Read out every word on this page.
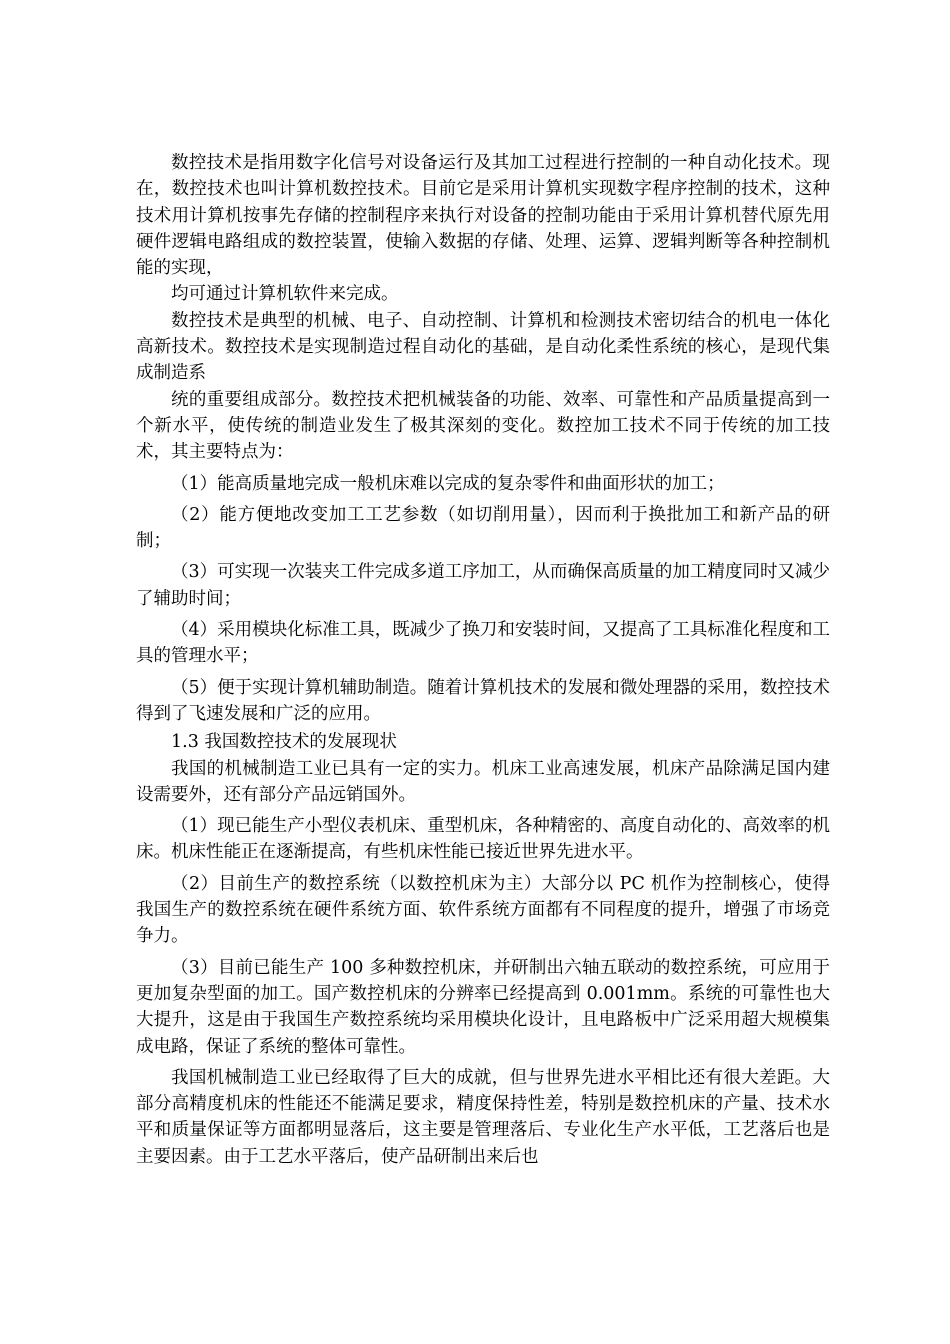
数控技术是指用数字化信号对设备运行及其加工过程进行控制的一种自动化技术。现在，数控技术也叫计算机数控技术。目前它是采用计算机实现数字程序控制的技术，这种技术用计算机按事先存储的控制程序来执行对设备的控制功能由于采用计算机替代原先用硬件逻辑电路组成的数控装置，使输入数据的存储、处理、运算、逻辑判断等各种控制机能的实现，

均可通过计算机软件来完成。

数控技术是典型的机械、电子、自动控制、计算机和检测技术密切结合的机电一体化高新技术。数控技术是实现制造过程自动化的基础，是自动化柔性系统的核心，是现代集成制造系

统的重要组成部分。数控技术把机械装备的功能、效率、可靠性和产品质量提高到一个新水平，使传统的制造业发生了极其深刻的变化。数控加工技术不同于传统的加工技术，其主要特点为：

（1）能高质量地完成一般机床难以完成的复杂零件和曲面形状的加工；

（2）能方便地改变加工工艺参数（如切削用量），因而利于换批加工和新产品的研制；

（3）可实现一次装夹工件完成多道工序加工，从而确保高质量的加工精度同时又减少了辅助时间；

（4）采用模块化标准工具，既减少了换刀和安装时间，又提高了工具标准化程度和工具的管理水平；

（5）便于实现计算机辅助制造。随着计算机技术的发展和微处理器的采用，数控技术得到了飞速发展和广泛的应用。

1.3 我国数控技术的发展现状

我国的机械制造工业已具有一定的实力。机床工业高速发展，机床产品除满足国内建设需要外，还有部分产品远销国外。

（1）现已能生产小型仪表机床、重型机床，各种精密的、高度自动化的、高效率的机床。机床性能正在逐渐提高，有些机床性能已接近世界先进水平。

（2）目前生产的数控系统（以数控机床为主）大部分以 PC 机作为控制核心，使得我国生产的数控系统在硬件系统方面、软件系统方面都有不同程度的提升，增强了市场竞争力。

（3）目前已能生产 100 多种数控机床，并研制出六轴五联动的数控系统，可应用于更加复杂型面的加工。国产数控机床的分辨率已经提高到 0.001mm。系统的可靠性也大大提升，这是由于我国生产数控系统均采用模块化设计，且电路板中广泛采用超大规模集成电路，保证了系统的整体可靠性。

我国机械制造工业已经取得了巨大的成就，但与世界先进水平相比还有很大差距。大部分高精度机床的性能还不能满足要求，精度保持性差，特别是数控机床的产量、技术水平和质量保证等方面都明显落后，这主要是管理落后、专业化生产水平低，工艺落后也是主要因素。由于工艺水平落后，使产品研制出来后也
